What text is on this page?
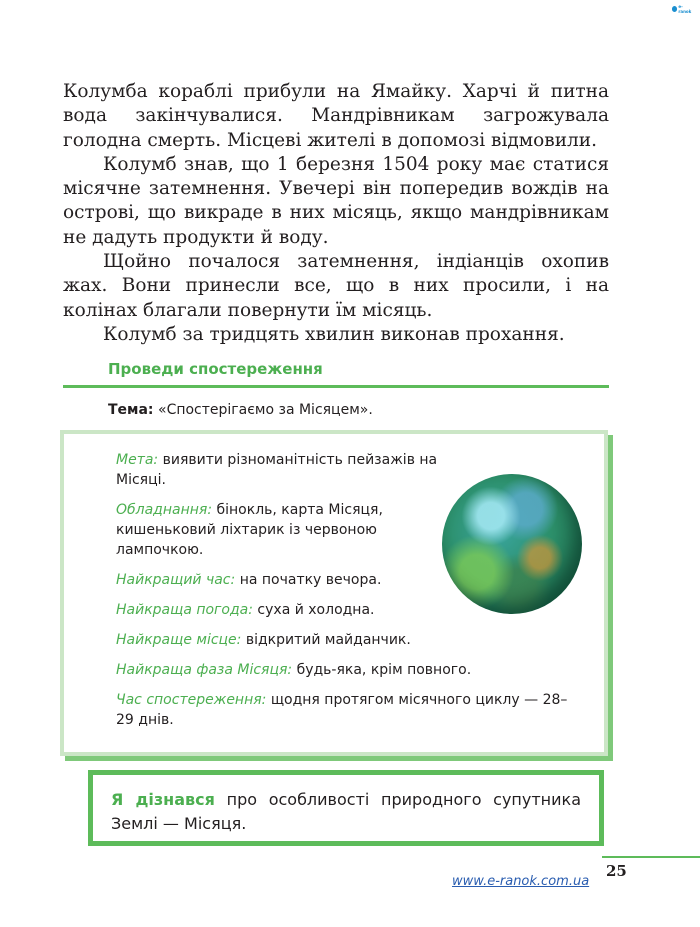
e-ranok

Колумба кораблі прибули на Ямайку. Харчі й питна вода закінчувалися. Мандрівникам загрожувала голодна смерть. Місцеві жителі в допомозі відмовили.

Колумб знав, що 1 березня 1504 року має статися місячне затемнення. Увечері він попередив вождів на острові, що викраде в них місяць, якщо мандрівникам не дадуть продукти й воду.

Щойно почалося затемнення, індіанців охопив жах. Вони принесли все, що в них просили, і на колінах благали повернути їм місяць.

Колумб за тридцять хвилин виконав прохання.

Проведи спостереження
Тема: «Спостерігаємо за Місяцем».
Мета: виявити різноманітність пейзажів на Місяці.
Обладнання: бінокль, карта Місяця, кишеньковий ліхтарик із червоною лампочкою.
Найкращий час: на початку вечора.
Найкраща погода: суха й холодна.
Найкраще місце: відкритий майданчик.
Найкраща фаза Місяця: будь-яка, крім повного.
Час спостереження: щодня протягом місячного циклу — 28–29 днів.
Я дізнався про особливості природного супутника Землі — Місяця.
25
www.e-ranok.com.ua
